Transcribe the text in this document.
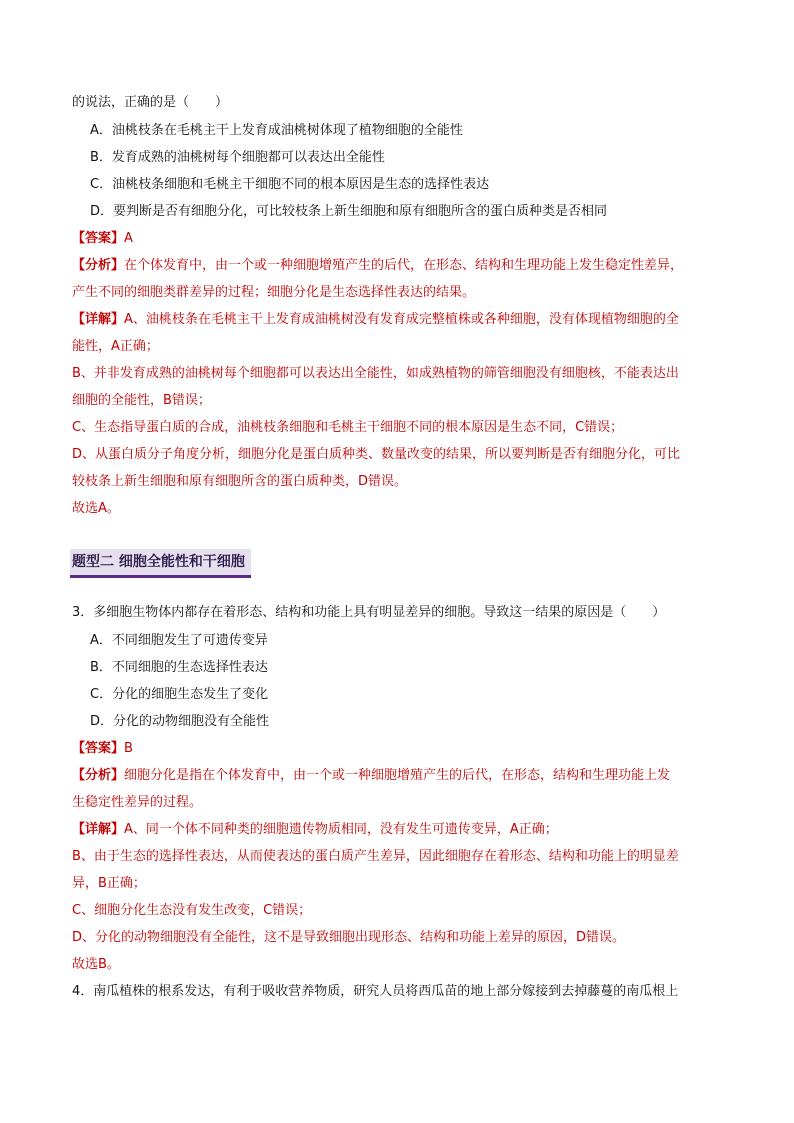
的说法，正确的是（　　）
A．油桃枝条在毛桃主干上发育成油桃树体现了植物细胞的全能性
B．发育成熟的油桃树每个细胞都可以表达出全能性
C．油桃枝条细胞和毛桃主干细胞不同的根本原因是生态的选择性表达
D．要判断是否有细胞分化，可比较枝条上新生细胞和原有细胞所含的蛋白质种类是否相同
【答案】A
【分析】在个体发育中，由一个或一种细胞增殖产生的后代，在形态、结构和生理功能上发生稳定性差异，
产生不同的细胞类群差异的过程；细胞分化是生态选择性表达的结果。
【详解】A、油桃枝条在毛桃主干上发育成油桃树没有发育成完整植株或各种细胞，没有体现植物细胞的全
能性，A正确；
B、并非发育成熟的油桃树每个细胞都可以表达出全能性，如成熟植物的筛管细胞没有细胞核，不能表达出
细胞的全能性，B错误；
C、生态指导蛋白质的合成，油桃枝条细胞和毛桃主干细胞不同的根本原因是生态不同，C错误；
D、从蛋白质分子角度分析，细胞分化是蛋白质种类、数量改变的结果，所以要判断是否有细胞分化，可比
较枝条上新生细胞和原有细胞所含的蛋白质种类，D错误。
故选A。
题型二 细胞全能性和干细胞
3．多细胞生物体内都存在着形态、结构和功能上具有明显差异的细胞。导致这一结果的原因是（　　）
A．不同细胞发生了可遗传变异
B．不同细胞的生态选择性表达
C．分化的细胞生态发生了变化
D．分化的动物细胞没有全能性
【答案】B
【分析】细胞分化是指在个体发育中，由一个或一种细胞增殖产生的后代，在形态，结构和生理功能上发
生稳定性差异的过程。
【详解】A、同一个体不同种类的细胞遗传物质相同，没有发生可遗传变异，A正确；
B、由于生态的选择性表达，从而使表达的蛋白质产生差异，因此细胞存在着形态、结构和功能上的明显差
异，B正确；
C、细胞分化生态没有发生改变，C错误；
D、分化的动物细胞没有全能性，这不是导致细胞出现形态、结构和功能上差异的原因，D错误。
故选B。
4．南瓜植株的根系发达，有利于吸收营养物质，研究人员将西瓜苗的地上部分嫁接到去掉藤蔓的南瓜根上
